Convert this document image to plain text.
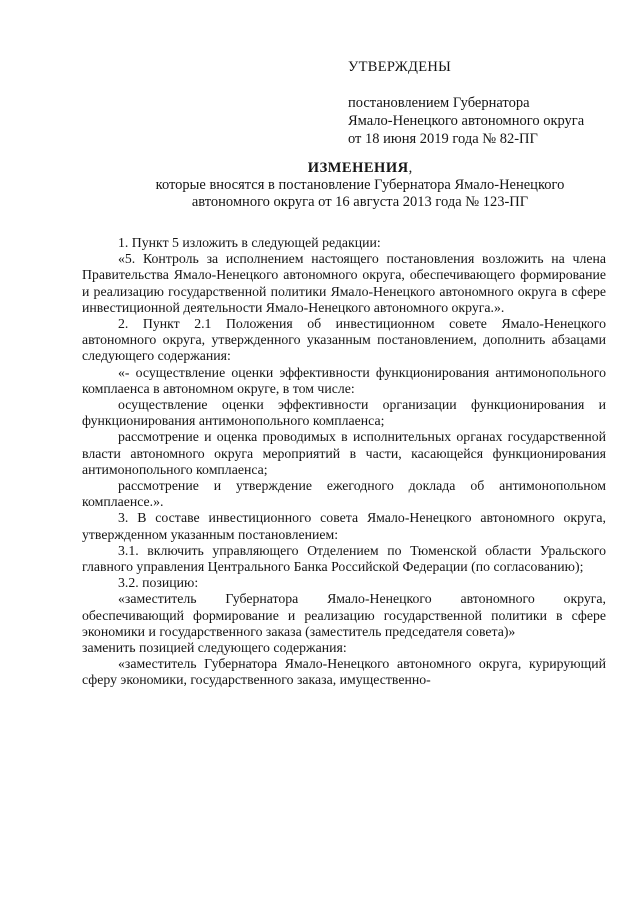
УТВЕРЖДЕНЫ
постановлением Губернатора
Ямало-Ненецкого автономного округа
от 18 июня 2019 года № 82-ПГ
ИЗМЕНЕНИЯ,
которые вносятся в постановление Губернатора Ямало-Ненецкого
автономного округа от 16 августа 2013 года № 123-ПГ

1. Пункт 5 изложить в следующей редакции:

«5. Контроль за исполнением настоящего постановления возложить на члена Правительства Ямало-Ненецкого автономного округа, обеспечивающего формирование и реализацию государственной политики Ямало-Ненецкого автономного округа в сфере инвестиционной деятельности Ямало-Ненецкого автономного округа.».

2. Пункт 2.1 Положения об инвестиционном совете Ямало-Ненецкого автономного округа, утвержденного указанным постановлением, дополнить абзацами следующего содержания:

«- осуществление оценки эффективности функционирования антимонопольного комплаенса в автономном округе, в том числе:

осуществление оценки эффективности организации функционирования и функционирования антимонопольного комплаенса;

рассмотрение и оценка проводимых в исполнительных органах государственной власти автономного округа мероприятий в части, касающейся функционирования антимонопольного комплаенса;

рассмотрение и утверждение ежегодного доклада об антимонопольном комплаенсе.».

3. В составе инвестиционного совета Ямало-Ненецкого автономного округа, утвержденном указанным постановлением:

3.1. включить управляющего Отделением по Тюменской области Уральского главного управления Центрального Банка Российской Федерации (по согласованию);

3.2. позицию:

«заместитель Губернатора Ямало-Ненецкого автономного округа, обеспечивающий формирование и реализацию государственной политики в сфере экономики и государственного заказа (заместитель председателя совета)»

заменить позицией следующего содержания:

«заместитель Губернатора Ямало-Ненецкого автономного округа, курирующий сферу экономики, государственного заказа, имущественно-
